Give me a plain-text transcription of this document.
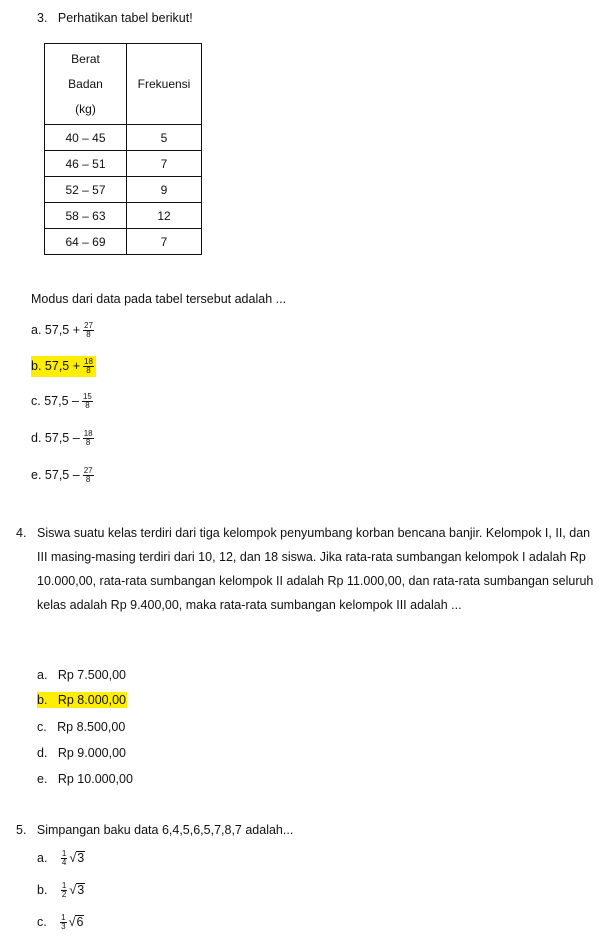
3. Perhatikan tabel berikut!
Berat
Badan
(kg)	Frekuensi
40 – 45	5
46 – 51	7
52 – 57	9
58 – 63	12
64 – 69	7
Modus dari data pada tabel tersebut adalah ...
a. $57,5 + \frac{27}{8}$
b. $57,5 + \frac{18}{8}$
c. $57,5 - \frac{15}{8}$
d. $57,5 - \frac{18}{8}$
e. $57,5 - \frac{27}{8}$
4. Siswa suatu kelas terdiri dari tiga kelompok penyumbang korban bencana banjir. Kelompok I, II, dan III masing-masing terdiri dari 10, 12, dan 18 siswa. Jika rata-rata sumbangan kelompok I adalah Rp 10.000,00, rata-rata sumbangan kelompok II adalah Rp 11.000,00, dan rata-rata sumbangan seluruh kelas adalah Rp 9.400,00, maka rata-rata sumbangan kelompok III adalah ...
a. Rp 7.500,00
b. Rp 8.000,00
c. Rp 8.500,00
d. Rp 9.000,00
e. Rp 10.000,00
5. Simpangan baku data 6,4,5,6,5,7,8,7 adalah...
a. $\frac{1}{4} √3$
b. $\frac{1}{2} √3$
c. $\frac{1}{3} √6$
